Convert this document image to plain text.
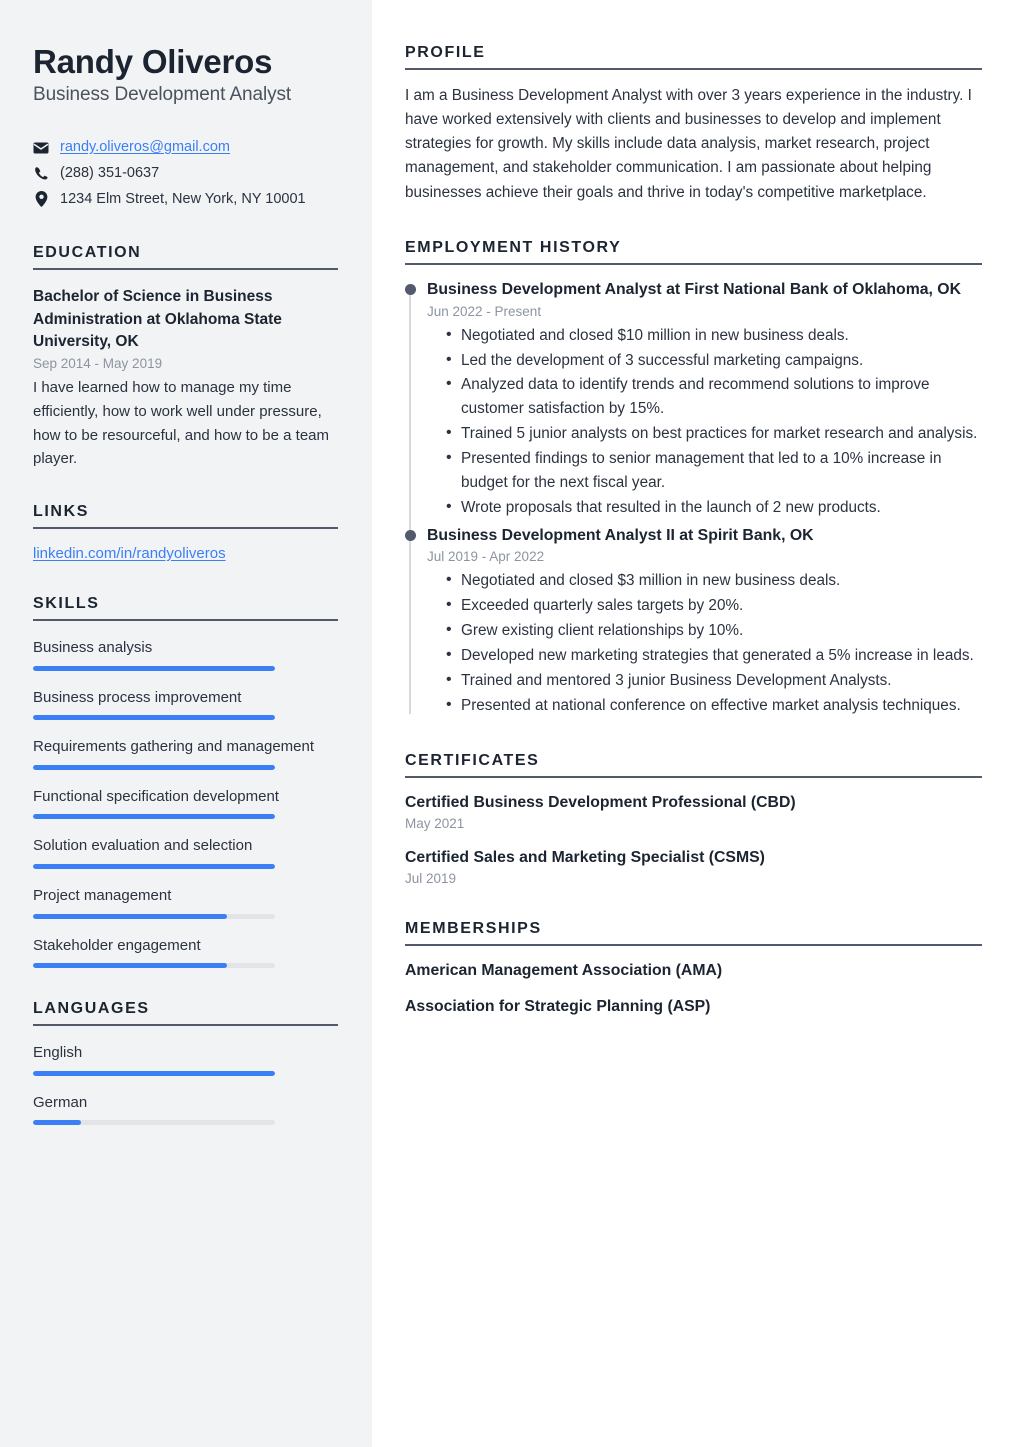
Randy Oliveros
Business Development Analyst
randy.oliveros@gmail.com
(288) 351-0637
1234 Elm Street, New York, NY 10001
EDUCATION
Bachelor of Science in Business Administration at Oklahoma State University, OK
Sep 2014 - May 2019

I have learned how to manage my time efficiently, how to work well under pressure, how to be resourceful, and how to be a team player.

LINKS
linkedin.com/in/randyoliveros
SKILLS
Business analysis
Business process improvement
Requirements gathering and management
Functional specification development
Solution evaluation and selection
Project management
Stakeholder engagement
LANGUAGES
English
German
PROFILE

I am a Business Development Analyst with over 3 years experience in the industry. I have worked extensively with clients and businesses to develop and implement strategies for growth. My skills include data analysis, market research, project management, and stakeholder communication. I am passionate about helping businesses achieve their goals and thrive in today's competitive marketplace.

EMPLOYMENT HISTORY
Business Development Analyst at First National Bank of Oklahoma, OK
Jun 2022 - Present
• Negotiated and closed $10 million in new business deals.
• Led the development of 3 successful marketing campaigns.
• Analyzed data to identify trends and recommend solutions to improve customer satisfaction by 15%.
• Trained 5 junior analysts on best practices for market research and analysis.
• Presented findings to senior management that led to a 10% increase in budget for the next fiscal year.
• Wrote proposals that resulted in the launch of 2 new products.
Business Development Analyst II at Spirit Bank, OK
Jul 2019 - Apr 2022
• Negotiated and closed $3 million in new business deals.
• Exceeded quarterly sales targets by 20%.
• Grew existing client relationships by 10%.
• Developed new marketing strategies that generated a 5% increase in leads.
• Trained and mentored 3 junior Business Development Analysts.
• Presented at national conference on effective market analysis techniques.
CERTIFICATES
Certified Business Development Professional (CBD)
May 2021
Certified Sales and Marketing Specialist (CSMS)
Jul 2019
MEMBERSHIPS
American Management Association (AMA)
Association for Strategic Planning (ASP)
